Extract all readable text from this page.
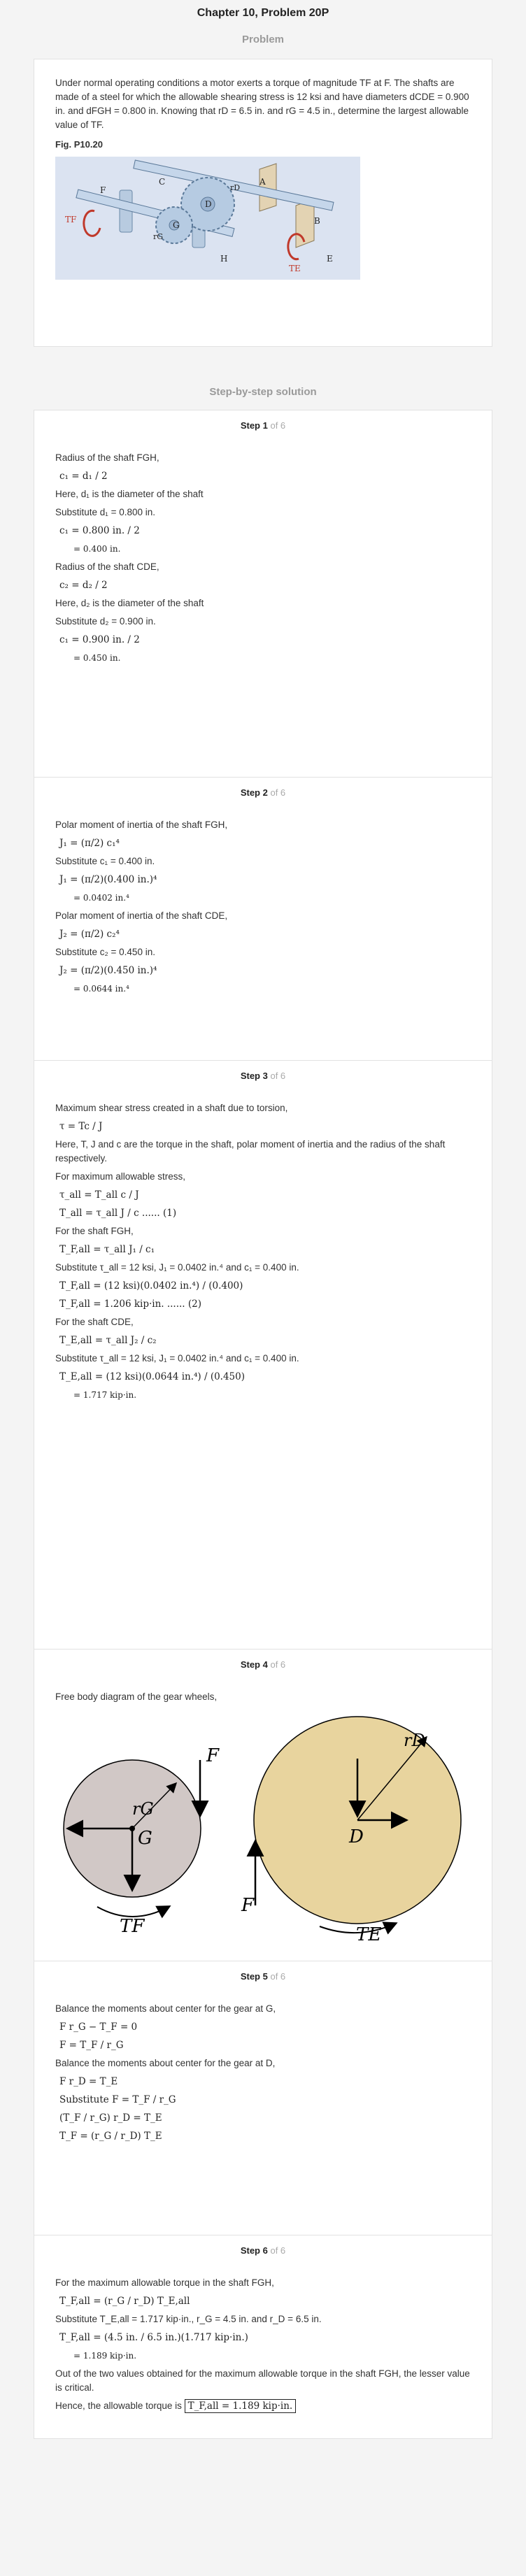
Chapter 10, Problem 20P
Problem

Under normal operating conditions a motor exerts a torque of magnitude TF at F. The shafts are made of a steel for which the allowable shearing stress is 12 ksi and have diameters dCDE = 0.900 in. and dFGH = 0.800 in. Knowing that rD = 6.5 in. and rG = 4.5 in., determine the largest allowable value of TF.

Fig. P10.20
F
A
B
C
D
E
G
H
TF
TE
rD
rG
Step-by-step solution
Step 1 of 6
Radius of the shaft FGH,
c₁ = d₁ / 2
Here, d₁ is the diameter of the shaft
Substitute d₁ = 0.800 in.
c₁ = 0.800 in. / 2
= 0.400 in.
Radius of the shaft CDE,
c₂ = d₂ / 2
Here, d₂ is the diameter of the shaft
Substitute d₂ = 0.900 in.
c₁ = 0.900 in. / 2
= 0.450 in.
Step 2 of 6
Polar moment of inertia of the shaft FGH,
J₁ = (π/2) c₁⁴
Substitute c₁ = 0.400 in.
J₁ = (π/2)(0.400 in.)⁴
= 0.0402 in.⁴
Polar moment of inertia of the shaft CDE,
J₂ = (π/2) c₂⁴
Substitute c₂ = 0.450 in.
J₂ = (π/2)(0.450 in.)⁴
= 0.0644 in.⁴
Step 3 of 6
Maximum shear stress created in a shaft due to torsion,
τ = Tc / J
Here, T, J and c are the torque in the shaft, polar moment of inertia and the radius of the shaft respectively.
For maximum allowable stress,
τ_all = T_all c / J
T_all = τ_all J / c ...... (1)
For the shaft FGH,
T_F,all = τ_all J₁ / c₁
Substitute τ_all = 12 ksi, J₁ = 0.0402 in.⁴ and c₁ = 0.400 in.
T_F,all = (12 ksi)(0.0402 in.⁴) / (0.400)
T_F,all = 1.206 kip·in. ...... (2)
For the shaft CDE,
T_E,all = τ_all J₂ / c₂
Substitute τ_all = 12 ksi, J₁ = 0.0402 in.⁴ and c₁ = 0.400 in.
T_E,all = (12 ksi)(0.0644 in.⁴) / (0.450)
= 1.717 kip·in.
Step 4 of 6
Free body diagram of the gear wheels,
F
rG
G
TF
rD
D
F
TE
Step 5 of 6
Balance the moments about center for the gear at G,
F r_G − T_F = 0
F = T_F / r_G
Balance the moments about center for the gear at D,
F r_D = T_E
Substitute F = T_F / r_G
(T_F / r_G) r_D = T_E
T_F = (r_G / r_D) T_E
Step 6 of 6
For the maximum allowable torque in the shaft FGH,
T_F,all = (r_G / r_D) T_E,all
Substitute T_E,all = 1.717 kip·in., r_G = 4.5 in. and r_D = 6.5 in.
T_F,all = (4.5 in. / 6.5 in.)(1.717 kip·in.)
= 1.189 kip·in.
Out of the two values obtained for the maximum allowable torque in the shaft FGH, the lesser value is critical.
Hence, the allowable torque is T_F,all = 1.189 kip·in.
